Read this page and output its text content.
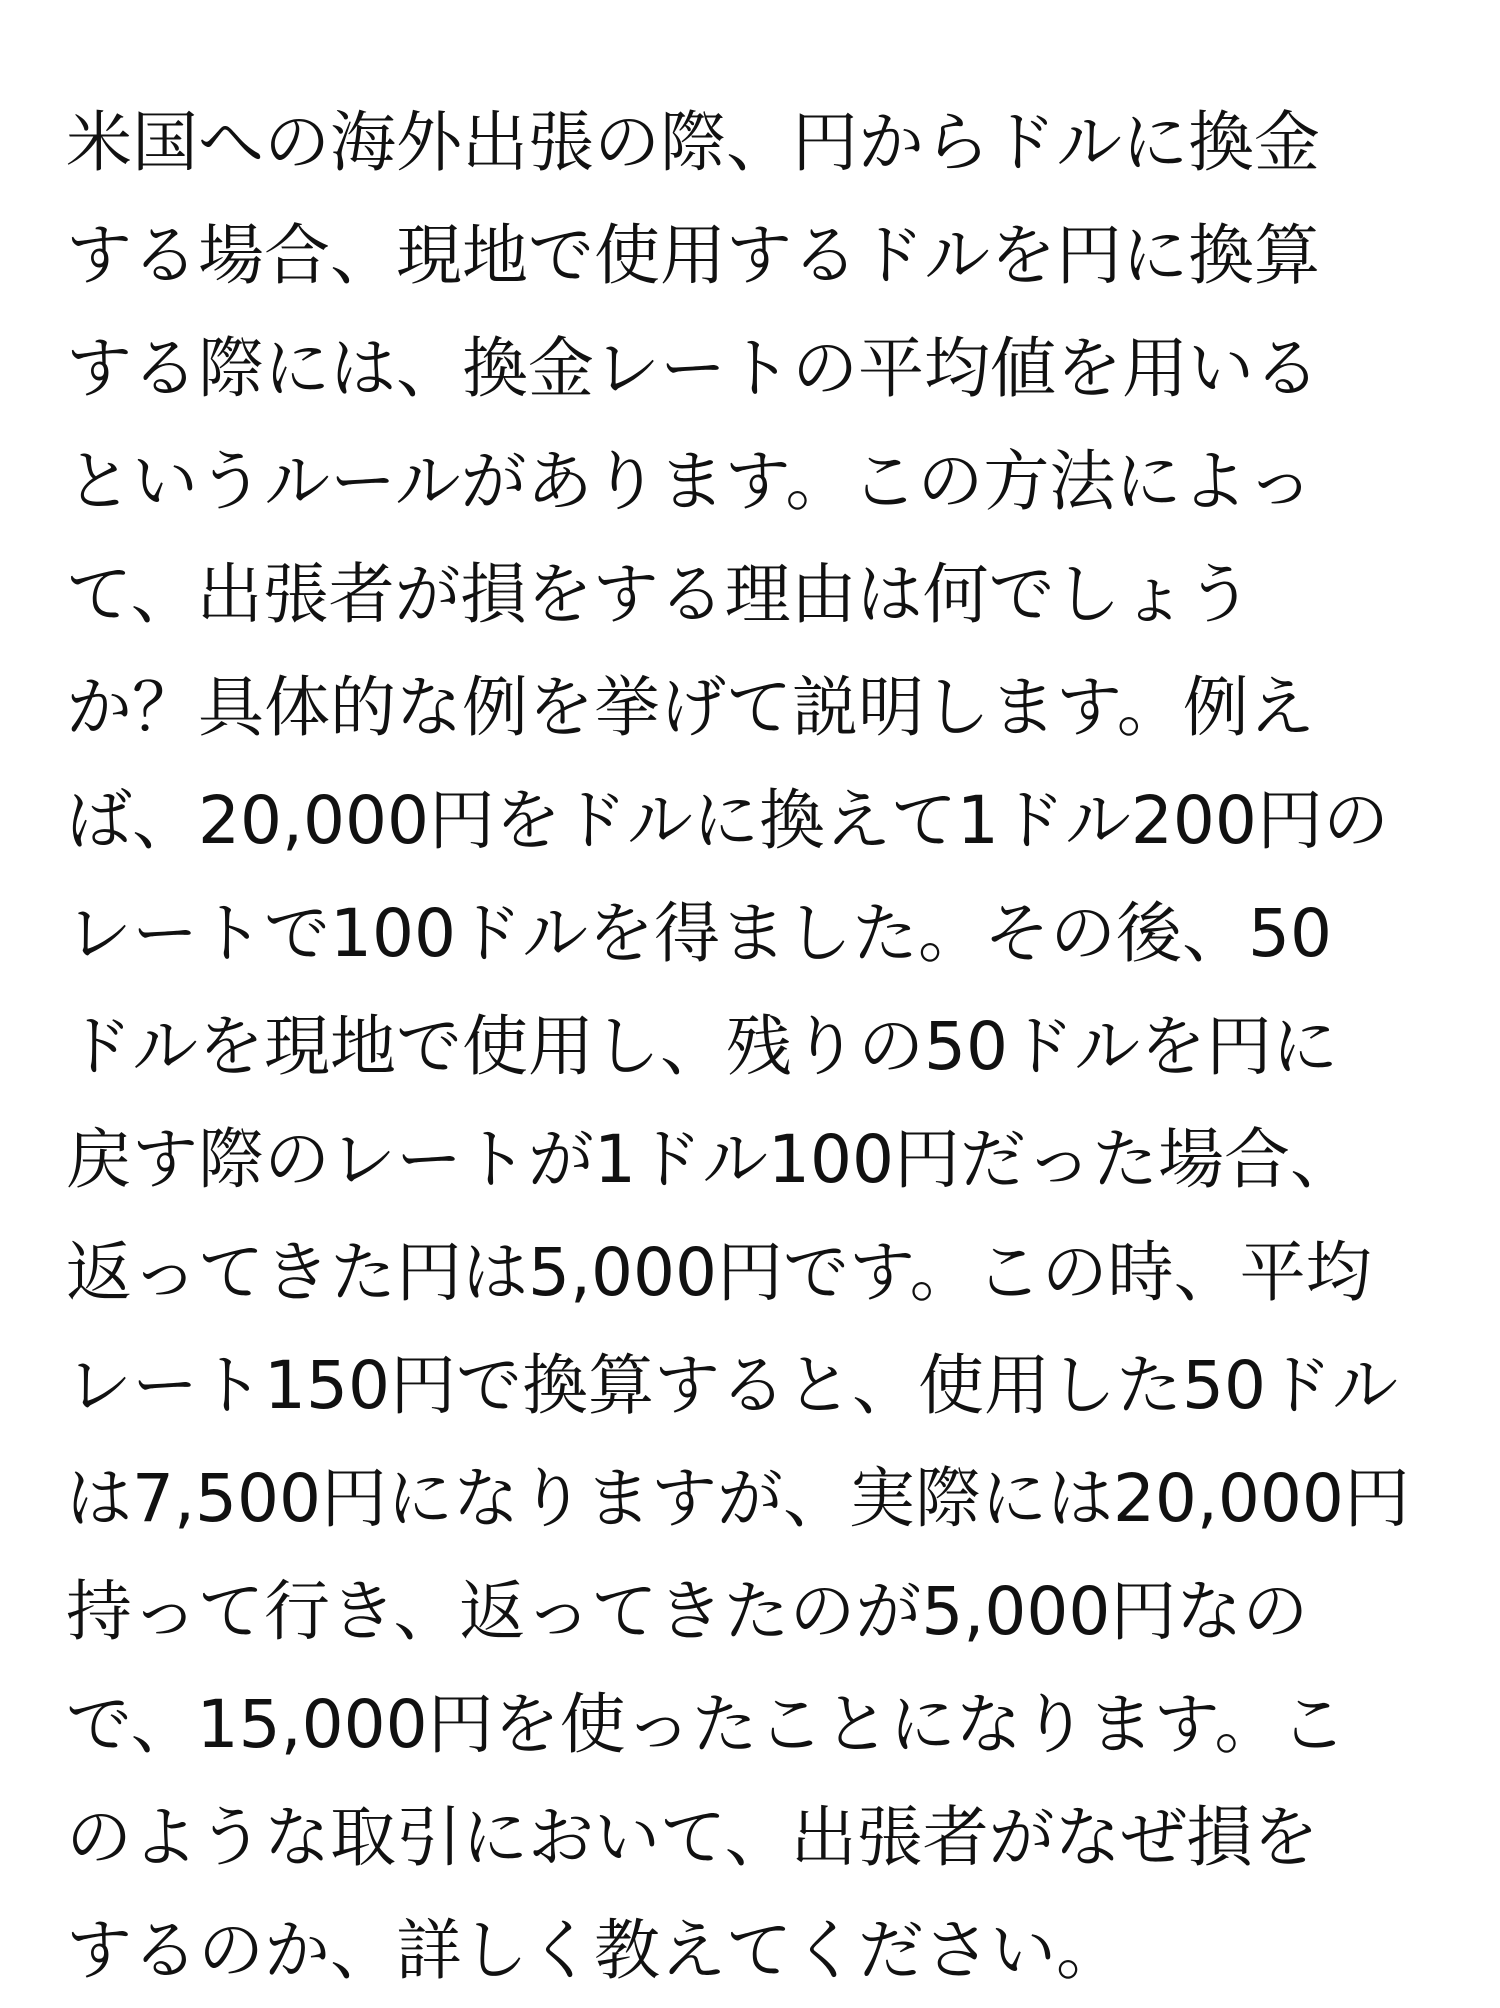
米国への海外出張の際、円からドルに換金
する場合、現地で使用するドルを円に換算
する際には、換金レートの平均値を用いる
というルールがあります。この方法によっ
て、出張者が損をする理由は何でしょう
か？具体的な例を挙げて説明します。例え
ば、20,000円をドルに換えて1ドル200円の
レートで100ドルを得ました。その後、50
ドルを現地で使用し、残りの50ドルを円に
戻す際のレートが1ドル100円だった場合、
返ってきた円は5,000円です。この時、平均
レート150円で換算すると、使用した50ドル
は7,500円になりますが、実際には20,000円
持って行き、返ってきたのが5,000円なの
で、15,000円を使ったことになります。こ
のような取引において、出張者がなぜ損を
するのか、詳しく教えてください。
